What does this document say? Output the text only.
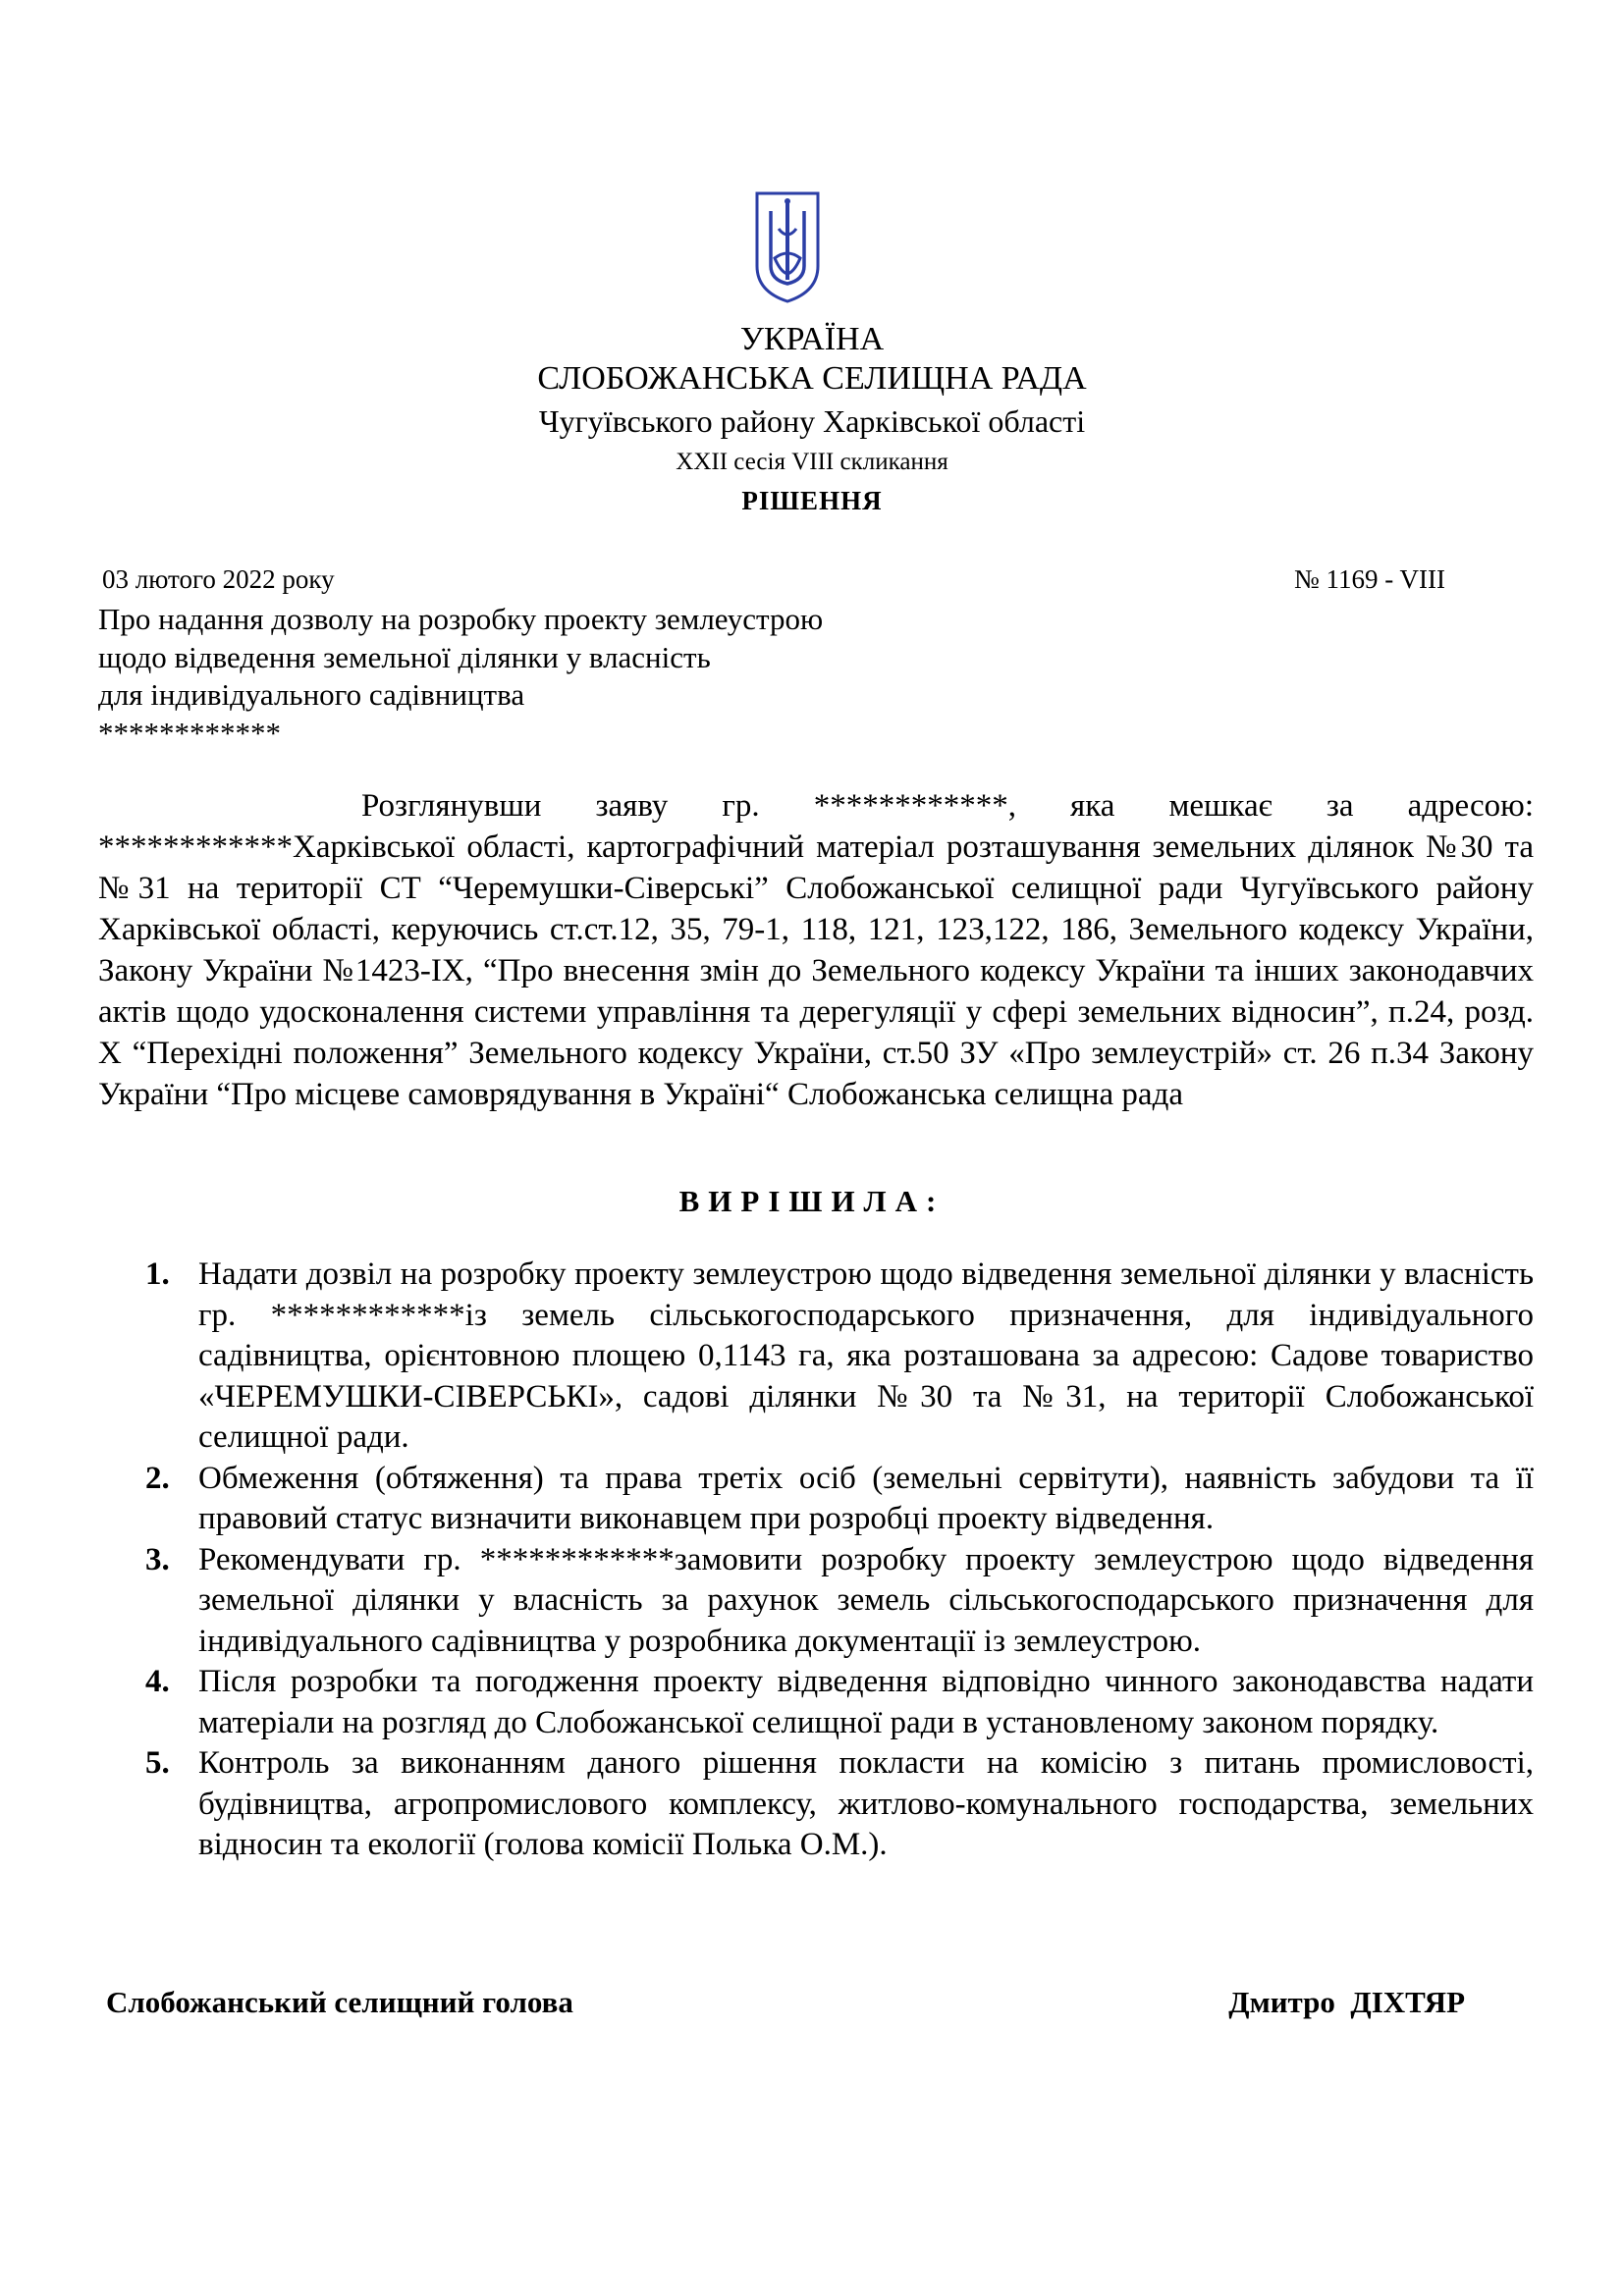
УКРАЇНА
СЛОБОЖАНСЬКА СЕЛИЩНА РАДА
Чугуївського району Харківської області
XXII сесія VIII скликання
РІШЕННЯ
03 лютого 2022 року	№ 1169 - VIII
Про надання дозволу на розробку проекту землеустрою
щодо відведення земельної ділянки у власність
для індивідуального садівництва
************

Розглянувши заяву гр. ************, яка мешкає за адресою: ************Харківської області, картографічний матеріал розташування земельних ділянок №30 та №31 на території СТ “Черемушки-Сіверські” Слобожанської селищної ради Чугуївського району Харківської області, керуючись ст.ст.12, 35, 79-1, 118, 121, 123,122, 186, Земельного кодексу України, Закону України №1423-IX, “Про внесення змін до Земельного кодексу України та інших законодавчих актів щодо удосконалення системи управління та дерегуляції у сфері земельних відносин”, п.24, розд. X “Перехідні положення” Земельного кодексу України, ст.50 ЗУ «Про землеустрій» ст. 26 п.34 Закону України “Про місцеве самоврядування в Україні“ Слобожанська селищна рада

ВИРІШИЛА:
1. Надати дозвіл на розробку проекту землеустрою щодо відведення земельної ділянки у власність гр. ************із земель сільськогосподарського призначення, для індивідуального садівництва, орієнтовною площею 0,1143 га, яка розташована за адресою: Садове товариство «ЧЕРЕМУШКИ-СІВЕРСЬКІ», садові ділянки №30 та №31, на території Слобожанської селищної ради.
2. Обмеження (обтяження) та права третіх осіб (земельні сервітути), наявність забудови та її правовий статус визначити виконавцем при розробці проекту відведення.
3. Рекомендувати гр. ************замовити розробку проекту землеустрою щодо відведення земельної ділянки у власність за рахунок земель сільськогосподарського призначення для індивідуального садівництва у розробника документації із землеустрою.
4. Після розробки та погодження проекту відведення відповідно чинного законодавства надати матеріали на розгляд до Слобожанської селищної ради в установленому законом порядку.
5. Контроль за виконанням даного рішення покласти на комісію з питань промисловості, будівництва, агропромислового комплексу, житлово-комунального господарства, земельних відносин та екології (голова комісії Полька О.М.).
Слобожанський селищний голова	Дмитро  ДІХТЯР
